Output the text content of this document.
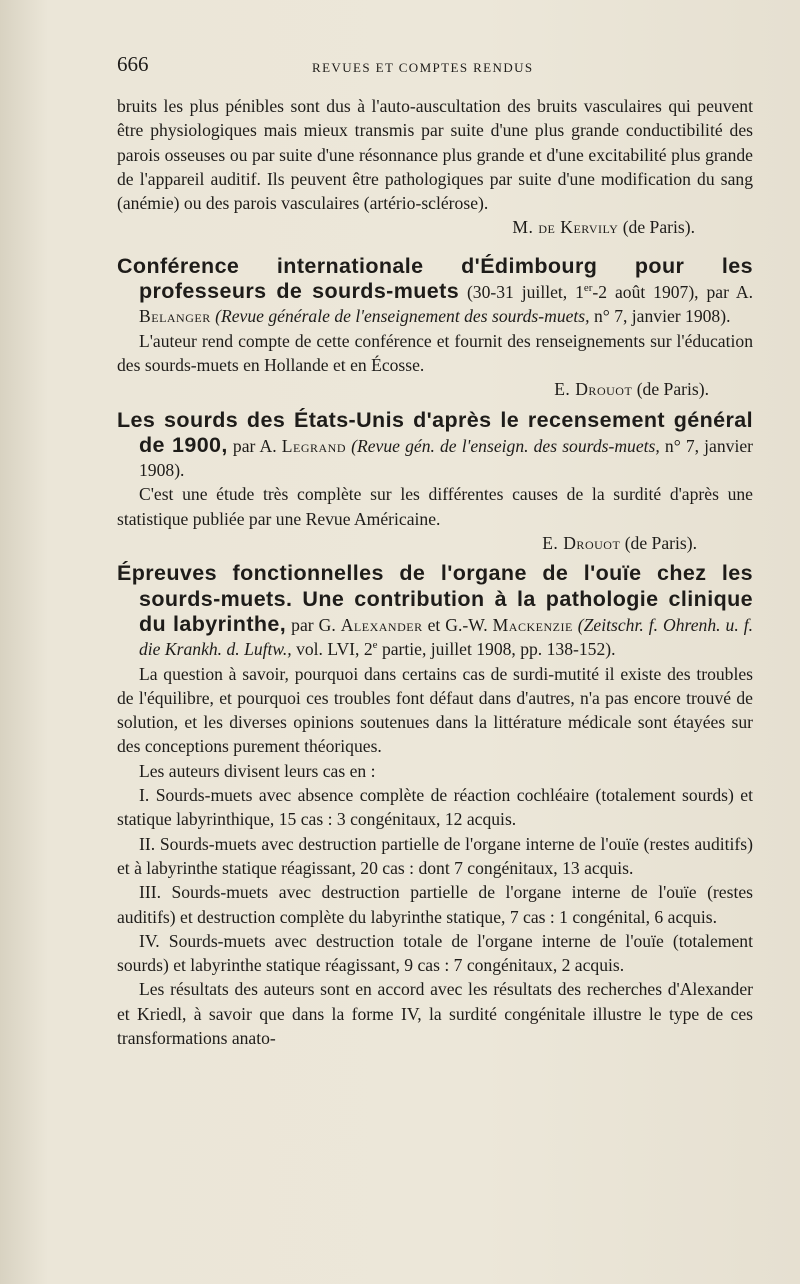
666	REVUES ET COMPTES RENDUS

bruits les plus pénibles sont dus à l'auto-auscultation des bruits vasculaires qui peuvent être physiologiques mais mieux transmis par suite d'une plus grande conductibilité des parois osseuses ou par suite d'une résonnance plus grande et d'une excitabilité plus grande de l'appareil auditif. Ils peuvent être pathologiques par suite d'une modification du sang (anémie) ou des parois vasculaires (artério-sclérose).

M. de Kervily (de Paris).

Conférence internationale d'Édimbourg pour les professeurs de sourds-muets (30-31 juillet, 1er-2 août 1907), par A. Belanger (Revue générale de l'enseignement des sourds-muets, n° 7, janvier 1908).

L'auteur rend compte de cette conférence et fournit des renseignements sur l'éducation des sourds-muets en Hollande et en Écosse.

E. Drouot (de Paris).

Les sourds des États-Unis d'après le recensement général de 1900, par A. Legrand (Revue gén. de l'enseign. des sourds-muets, n° 7, janvier 1908).

C'est une étude très complète sur les différentes causes de la surdité d'après une statistique publiée par une Revue Américaine.

E. Drouot (de Paris).

Épreuves fonctionnelles de l'organe de l'ouïe chez les sourds-muets. Une contribution à la pathologie clinique du labyrinthe, par G. Alexander et G.-W. Mackenzie (Zeitschr. f. Ohrenh. u. f. die Krankh. d. Luftw., vol. LVI, 2e partie, juillet 1908, pp. 138-152).

La question à savoir, pourquoi dans certains cas de surdi-mutité il existe des troubles de l'équilibre, et pourquoi ces troubles font défaut dans d'autres, n'a pas encore trouvé de solution, et les diverses opinions soutenues dans la littérature médicale sont étayées sur des conceptions purement théoriques.

Les auteurs divisent leurs cas en :

I. Sourds-muets avec absence complète de réaction cochléaire (totalement sourds) et statique labyrinthique, 15 cas : 3 congénitaux, 12 acquis.

II. Sourds-muets avec destruction partielle de l'organe interne de l'ouïe (restes auditifs) et à labyrinthe statique réagissant, 20 cas : dont 7 congénitaux, 13 acquis.

III. Sourds-muets avec destruction partielle de l'organe interne de l'ouïe (restes auditifs) et destruction complète du labyrinthe statique, 7 cas : 1 congénital, 6 acquis.

IV. Sourds-muets avec destruction totale de l'organe interne de l'ouïe (totalement sourds) et labyrinthe statique réagissant, 9 cas : 7 congénitaux, 2 acquis.

Les résultats des auteurs sont en accord avec les résultats des recherches d'Alexander et Kriedl, à savoir que dans la forme IV, la surdité congénitale illustre le type de ces transformations anato-
